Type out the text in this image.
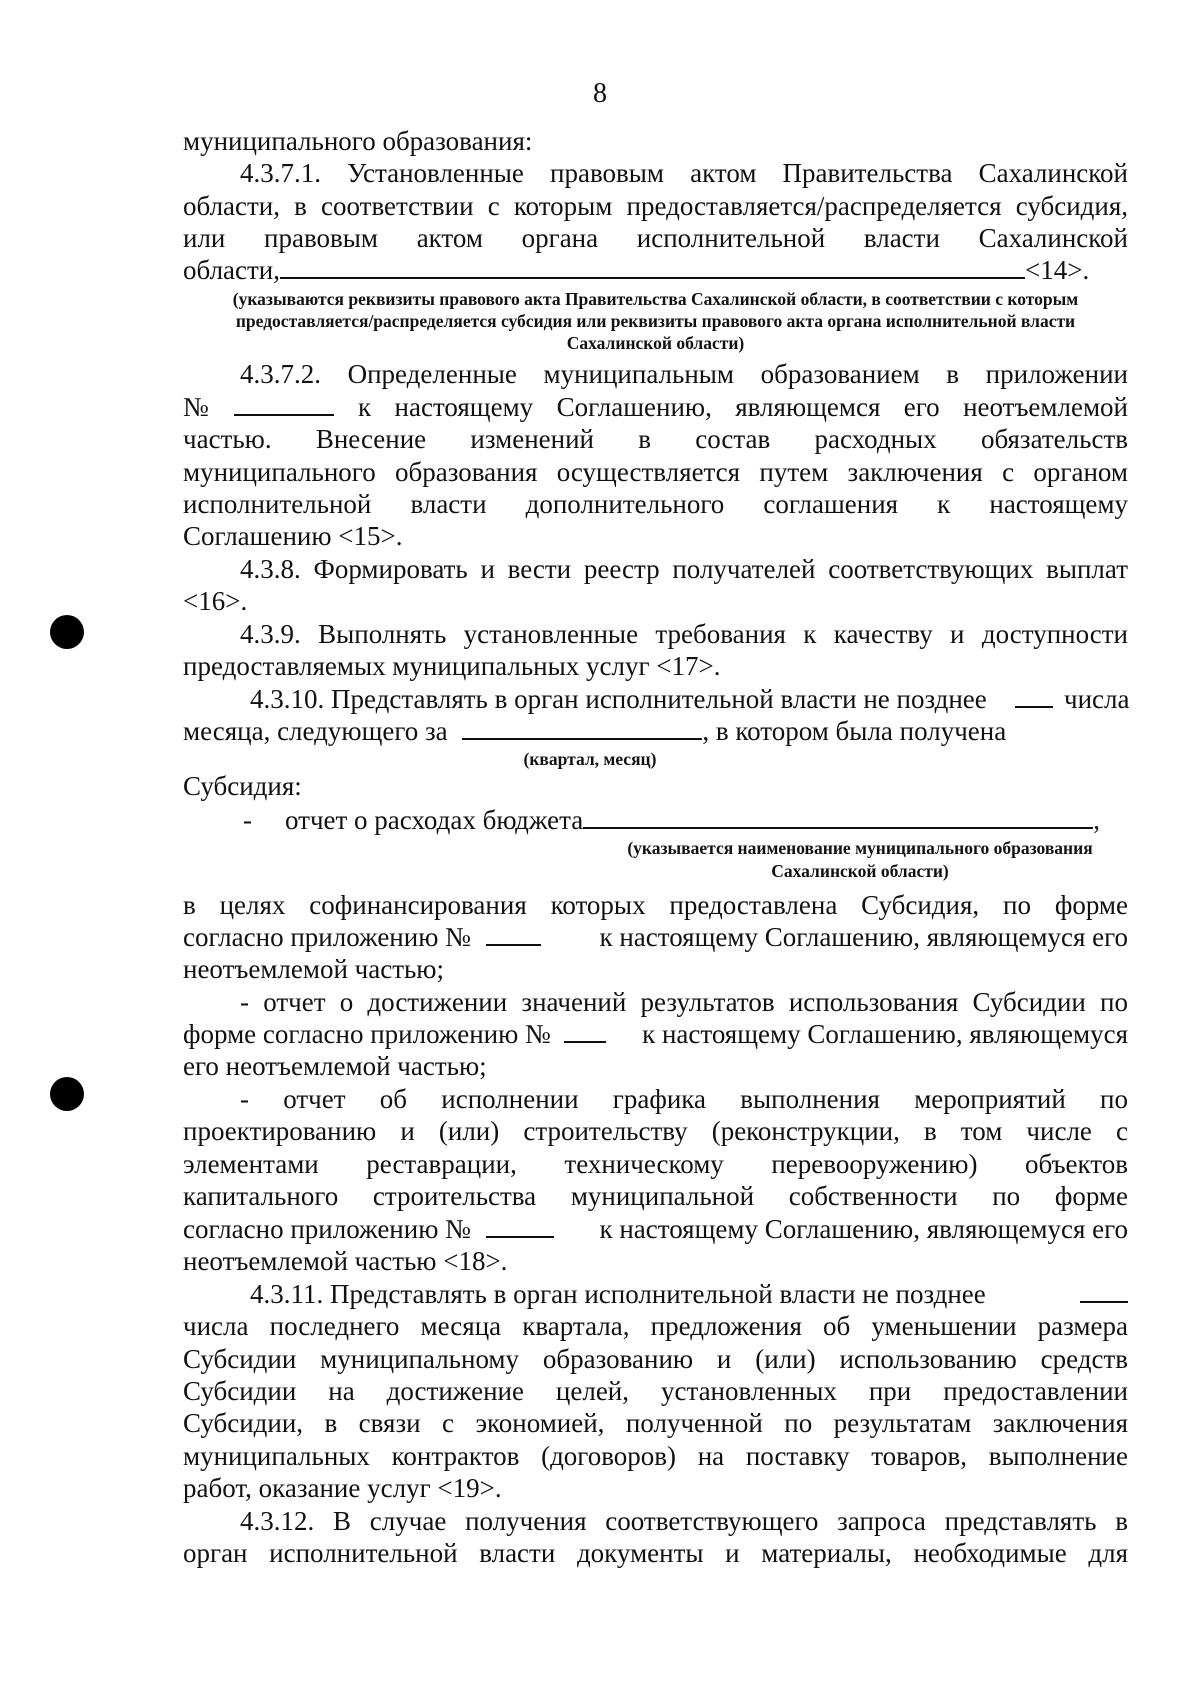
8
муниципального образования:
4.3.7.1. Установленные правовым актом Правительства Сахалинской
области, в соответствии с которым предоставляется/распределяется субсидия,
или правовым актом органа исполнительной власти Сахалинской
области,	<14>.
(указываются реквизиты правового акта Правительства Сахалинской области, в соответствии с которым
предоставляется/распределяется субсидия или реквизиты правового акта органа исполнительной власти
Сахалинской области)
4.3.7.2. Определенные муниципальным образованием в приложении
№	к настоящему Соглашению, являющемся его неотъемлемой
частью. Внесение изменений в состав расходных обязательств
муниципального образования осуществляется путем заключения с органом
исполнительной власти дополнительного соглашения к настоящему
Соглашению <15>.
4.3.8. Формировать и вести реестр получателей соответствующих выплат
<16>.
4.3.9. Выполнять установленные требования к качеству и доступности
предоставляемых муниципальных услуг <17>.
4.3.10. Представлять в орган исполнительной власти не позднее	числа
месяца, следующего за	, в котором была получена
(квартал, месяц)
Субсидия:
- отчет о расходах бюджета	,
(указывается наименование муниципального образования
Сахалинской области)
в целях софинансирования которых предоставлена Субсидия, по форме
согласно приложению №	к настоящему Соглашению, являющемуся его
неотъемлемой частью;
- отчет о достижении значений результатов использования Субсидии по
форме согласно приложению №	к настоящему Соглашению, являющемуся
его неотъемлемой частью;
- отчет об исполнении графика выполнения мероприятий по
проектированию и (или) строительству (реконструкции, в том числе с
элементами реставрации, техническому перевооружению) объектов
капитального строительства муниципальной собственности по форме
согласно приложению №	к настоящему Соглашению, являющемуся его
неотъемлемой частью <18>.
4.3.11. Представлять в орган исполнительной власти не позднее
числа последнего месяца квартала, предложения об уменьшении размера
Субсидии муниципальному образованию и (или) использованию средств
Субсидии на достижение целей, установленных при предоставлении
Субсидии, в связи с экономией, полученной по результатам заключения
муниципальных контрактов (договоров) на поставку товаров, выполнение
работ, оказание услуг <19>.
4.3.12. В случае получения соответствующего запроса представлять в
орган исполнительной власти документы и материалы, необходимые для
